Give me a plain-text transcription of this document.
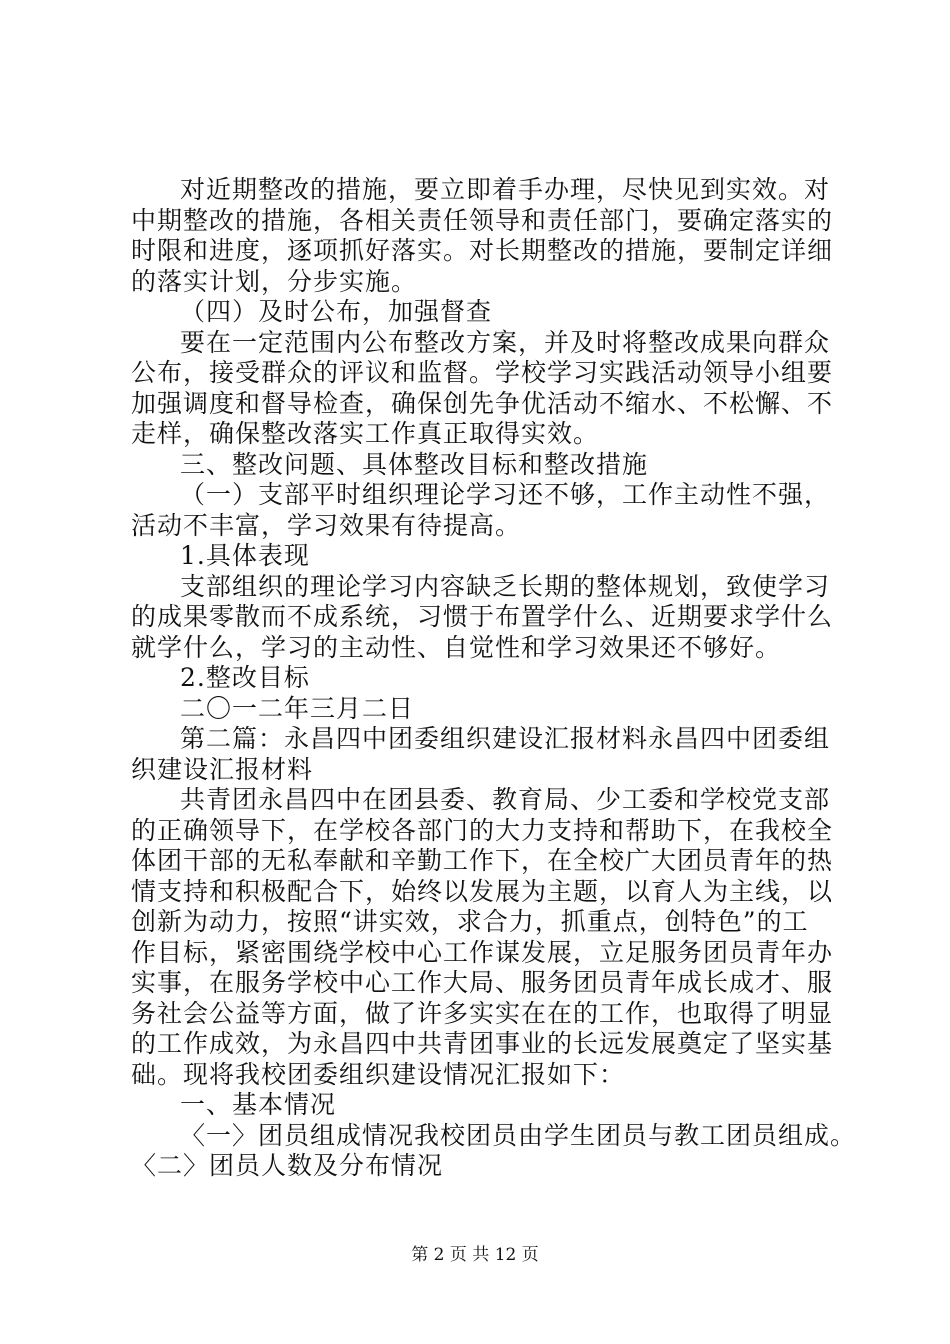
对近期整改的措施，要立即着手办理，尽快见到实效。对
中期整改的措施，各相关责任领导和责任部门，要确定落实的
时限和进度，逐项抓好落实。对长期整改的措施，要制定详细
的落实计划，分步实施。
（四）及时公布，加强督查
要在一定范围内公布整改方案，并及时将整改成果向群众
公布，接受群众的评议和监督。学校学习实践活动领导小组要
加强调度和督导检查，确保创先争优活动不缩水、不松懈、不
走样，确保整改落实工作真正取得实效。
三、整改问题、具体整改目标和整改措施
（一）支部平时组织理论学习还不够，工作主动性不强，
活动不丰富，学习效果有待提高。
1.具体表现
支部组织的理论学习内容缺乏长期的整体规划，致使学习
的成果零散而不成系统，习惯于布置学什么、近期要求学什么
就学什么，学习的主动性、自觉性和学习效果还不够好。
2.整改目标
二〇一二年三月二日
第二篇：永昌四中团委组织建设汇报材料永昌四中团委组
织建设汇报材料
共青团永昌四中在团县委、教育局、少工委和学校党支部
的正确领导下，在学校各部门的大力支持和帮助下，在我校全
体团干部的无私奉献和辛勤工作下，在全校广大团员青年的热
情支持和积极配合下，始终以发展为主题，以育人为主线，以
创新为动力，按照“讲实效，求合力，抓重点，创特色”的工
作目标，紧密围绕学校中心工作谋发展，立足服务团员青年办
实事，在服务学校中心工作大局、服务团员青年成长成才、服
务社会公益等方面，做了许多实实在在的工作，也取得了明显
的工作成效，为永昌四中共青团事业的长远发展奠定了坚实基
础。现将我校团委组织建设情况汇报如下：
一、基本情况
〈一〉团员组成情况我校团员由学生团员与教工团员组成。
〈二〉团员人数及分布情况
第 2 页 共 12 页
